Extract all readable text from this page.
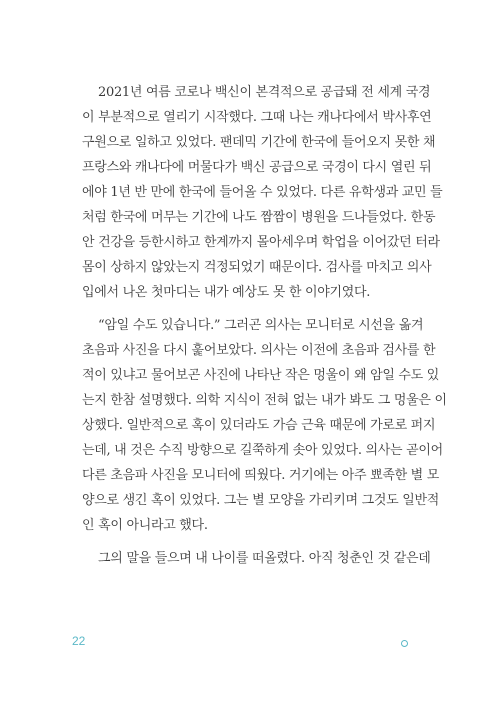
2021년 여름 코로나 백신이 본격적으로 공급돼 전 세계 국경
이 부분적으로 열리기 시작했다. 그때 나는 캐나다에서 박사후연
구원으로 일하고 있었다. 팬데믹 기간에 한국에 들어오지 못한 채
프랑스와 캐나다에 머물다가 백신 공급으로 국경이 다시 열린 뒤
에야 1년 반 만에 한국에 들어올 수 있었다. 다른 유학생과 교민 들
처럼 한국에 머무는 기간에 나도 짬짬이 병원을 드나들었다. 한동
안 건강을 등한시하고 한계까지 몰아세우며 학업을 이어갔던 터라
몸이 상하지 않았는지 걱정되었기 때문이다. 검사를 마치고 의사
입에서 나온 첫마디는 내가 예상도 못 한 이야기였다.
“암일 수도 있습니다.” 그러곤 의사는 모니터로 시선을 옮겨
초음파 사진을 다시 훑어보았다. 의사는 이전에 초음파 검사를 한
적이 있냐고 물어보곤 사진에 나타난 작은 멍울이 왜 암일 수도 있
는지 한참 설명했다. 의학 지식이 전혀 없는 내가 봐도 그 멍울은 이
상했다. 일반적으로 혹이 있더라도 가슴 근육 때문에 가로로 퍼지
는데, 내 것은 수직 방향으로 길쭉하게 솟아 있었다. 의사는 곧이어
다른 초음파 사진을 모니터에 띄웠다. 거기에는 아주 뾰족한 별 모
양으로 생긴 혹이 있었다. 그는 별 모양을 가리키며 그것도 일반적
인 혹이 아니라고 했다.
그의 말을 들으며 내 나이를 떠올렸다. 아직 청춘인 것 같은데
22
